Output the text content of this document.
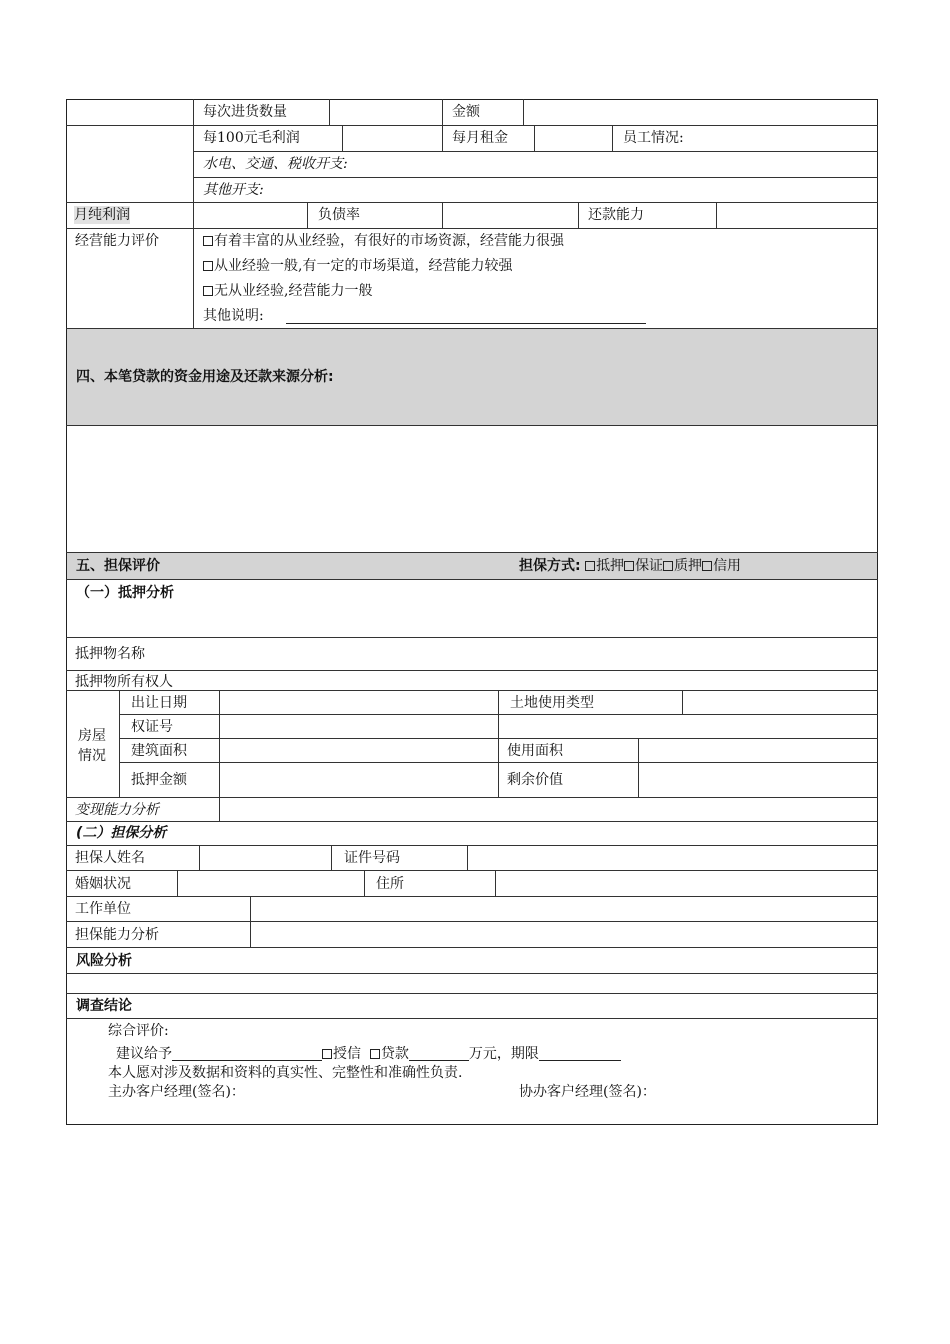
每次进货数量	金额
每100元毛利润	每月租金	员工情况:
水电、交通、税收开支:
其他开支:
月纯利润	负债率	还款能力
经营能力评价	有着丰富的从业经验，有很好的市场资源，经营能力很强
从业经验一般,有一定的市场渠道，经营能力较强
无从业经验,经营能力一般
其他说明:
四、本笔贷款的资金用途及还款来源分析:
五、担保评价	担保方式: 抵押 保证 质押 信用
（一）抵押分析
抵押物名称
抵押物所有权人
房屋情况
出让日期	土地使用类型
权证号
建筑面积	使用面积
抵押金额	剩余价值
变现能力分析
(二）担保分析
担保人姓名	证件号码
婚姻状况	住所
工作单位
担保能力分析
风险分析
调查结论
综合评价:
建议给予	授信 贷款	万元，期限
本人愿对涉及数据和资料的真实性、完整性和准确性负责.
主办客户经理(签名)：	协办客户经理(签名)：
